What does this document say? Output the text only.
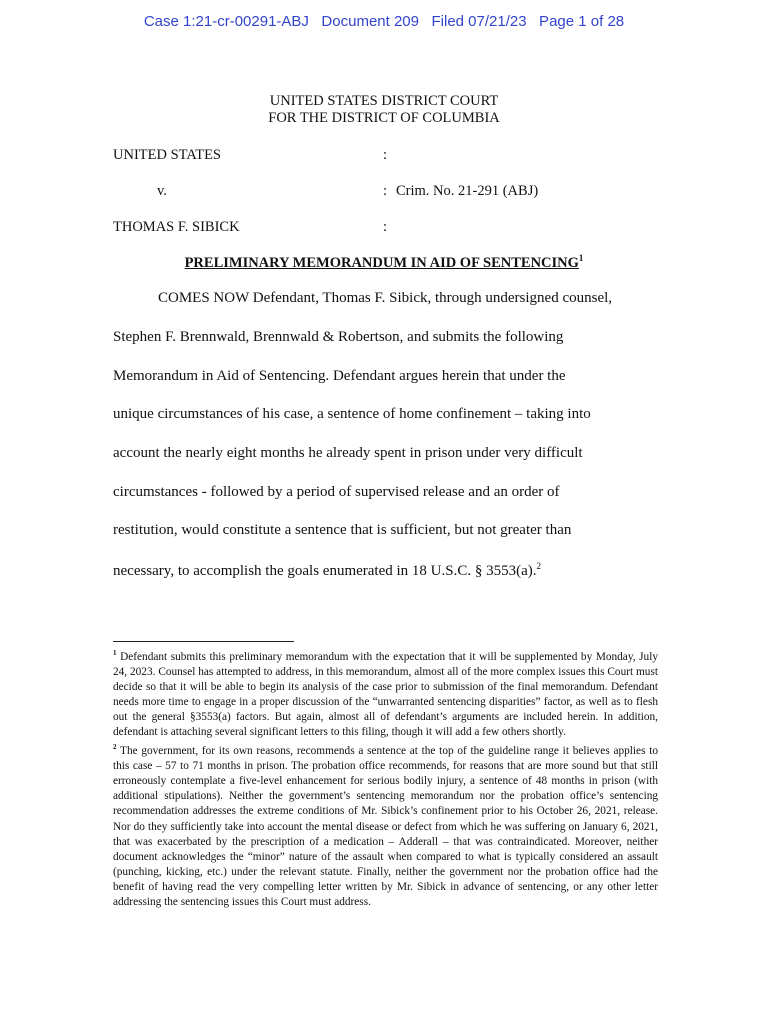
Case 1:21-cr-00291-ABJ   Document 209   Filed 07/21/23   Page 1 of 28
UNITED STATES DISTRICT COURT
FOR THE DISTRICT OF COLUMBIA
UNITED STATES	:
v.	: Crim. No. 21-291 (ABJ)
THOMAS F. SIBICK	:
PRELIMINARY MEMORANDUM IN AID OF SENTENCING$^1$
COMES NOW Defendant, Thomas F. Sibick, through undersigned counsel,
Stephen F. Brennwald, Brennwald & Robertson, and submits the following
Memorandum in Aid of Sentencing. Defendant argues herein that under the
unique circumstances of his case, a sentence of home confinement – taking into
account the nearly eight months he already spent in prison under very difficult
circumstances - followed by a period of supervised release and an order of
restitution, would constitute a sentence that is sufficient, but not greater than
necessary, to accomplish the goals enumerated in 18 U.S.C. § 3553(a).$^2$

$^1$ Defendant submits this preliminary memorandum with the expectation that it will be supplemented by Monday, July 24, 2023. Counsel has attempted to address, in this memorandum, almost all of the more complex issues this Court must decide so that it will be able to begin its analysis of the case prior to submission of the final memorandum. Defendant needs more time to engage in a proper discussion of the “unwarranted sentencing disparities” factor, as well as to flesh out the general §3553(a) factors. But again, almost all of defendant’s arguments are included herein. In addition, defendant is attaching several significant letters to this filing, though it will add a few others shortly.

$^2$ The government, for its own reasons, recommends a sentence at the top of the guideline range it believes applies to this case – 57 to 71 months in prison. The probation office recommends, for reasons that are more sound but that still erroneously contemplate a five-level enhancement for serious bodily injury, a sentence of 48 months in prison (with additional stipulations). Neither the government’s sentencing memorandum nor the probation office’s sentencing recommendation addresses the extreme conditions of Mr. Sibick’s confinement prior to his October 26, 2021, release. Nor do they sufficiently take into account the mental disease or defect from which he was suffering on January 6, 2021, that was exacerbated by the prescription of a medication – Adderall – that was contraindicated. Moreover, neither document acknowledges the “minor” nature of the assault when compared to what is typically considered an assault (punching, kicking, etc.) under the relevant statute. Finally, neither the government nor the probation office had the benefit of having read the very compelling letter written by Mr. Sibick in advance of sentencing, or any other letter addressing the sentencing issues this Court must address.
